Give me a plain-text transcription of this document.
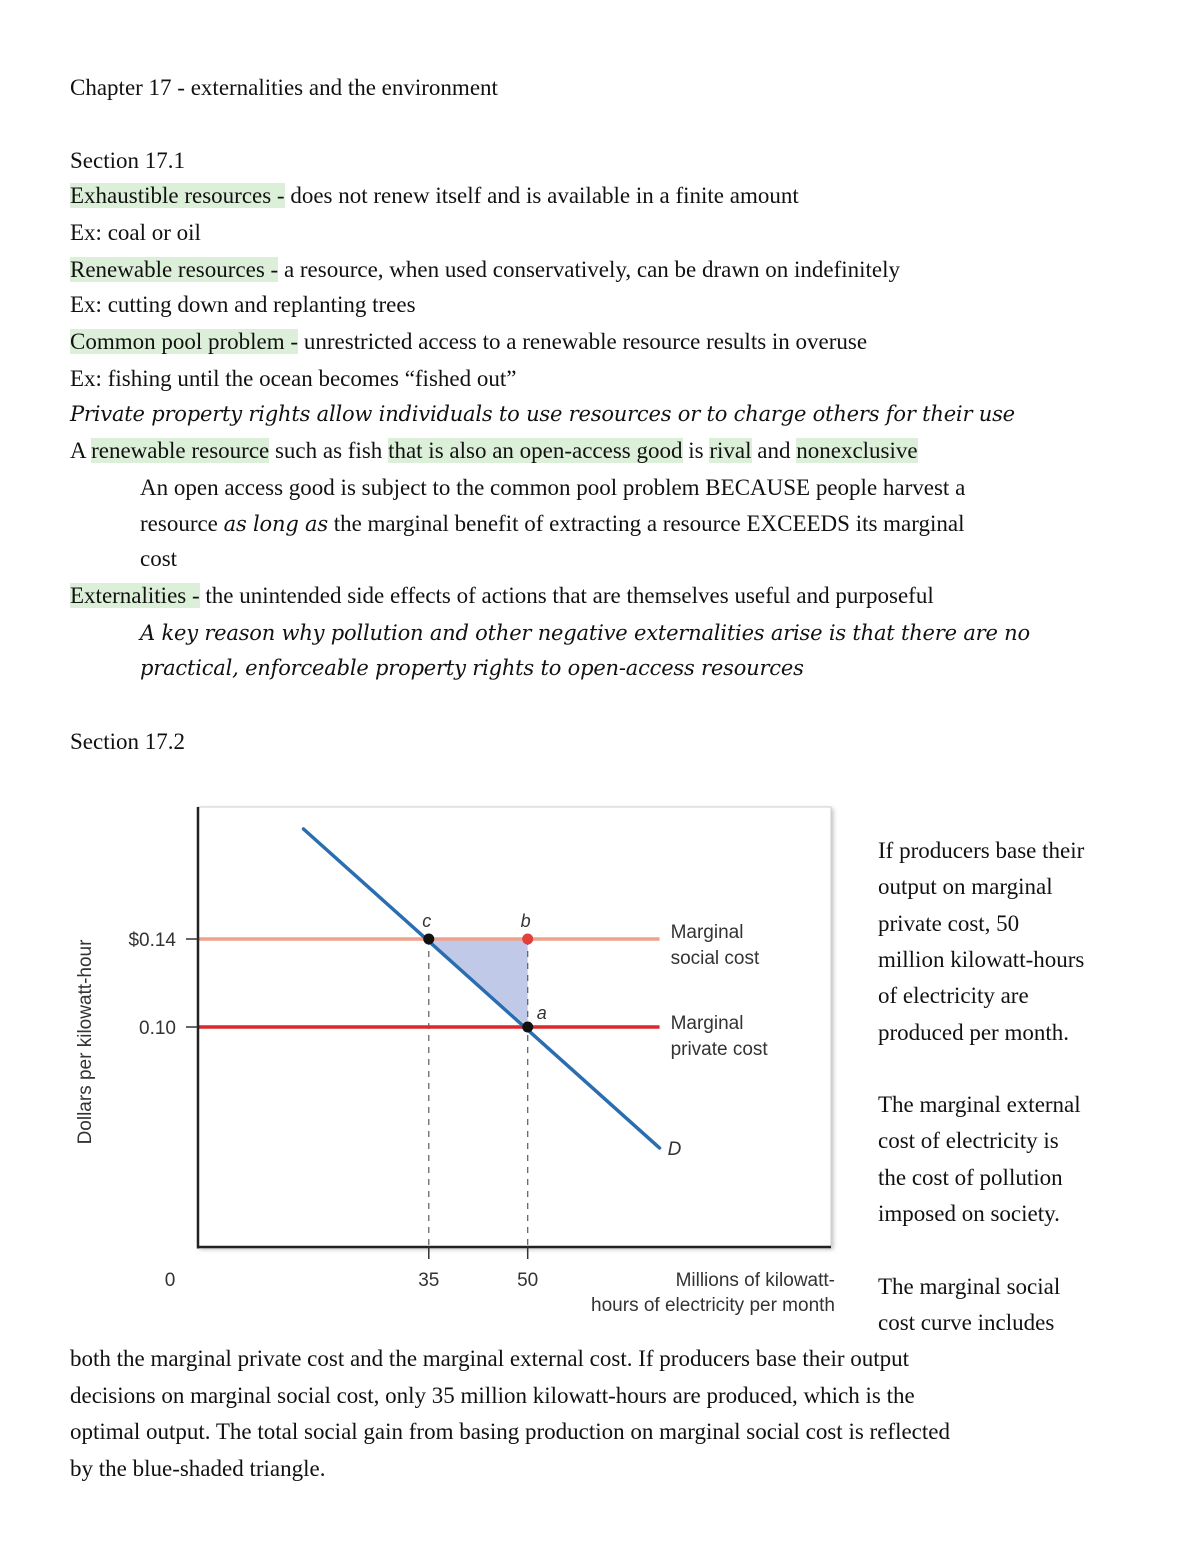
Chapter 17 - externalities and the environment
Section 17.1
Exhaustible resources - does not renew itself and is available in a finite amount
Ex: coal or oil
Renewable resources - a resource, when used conservatively, can be drawn on indefinitely
Ex: cutting down and replanting trees
Common pool problem - unrestricted access to a renewable resource results in overuse
Ex: fishing until the ocean becomes “fished out”
Private property rights allow individuals to use resources or to charge others for their use
A renewable resource such as fish that is also an open-access good is rival and nonexclusive
An open access good is subject to the common pool problem BECAUSE people harvest a
resource as long as the marginal benefit of extracting a resource EXCEEDS its marginal
cost
Externalities - the unintended side effects of actions that are themselves useful and purposeful
A key reason why pollution and other negative externalities arise is that there are no
practical, enforceable property rights to open-access resources
Section 17.2
$0.14
0.10
35	50
0	Millions of kilowatt-
hours of electricity per month
Dollars per kilowatt-hour
Marginal
social cost
Marginal
private cost
D
c	b
a
If producers base their
output on marginal
private cost, 50
million kilowatt-hours
of electricity are
produced per month.
The marginal external
cost of electricity is
the cost of pollution
imposed on society.
The marginal social
cost curve includes
both the marginal private cost and the marginal external cost. If producers base their output
decisions on marginal social cost, only 35 million kilowatt-hours are produced, which is the
optimal output. The total social gain from basing production on marginal social cost is reflected
by the blue-shaded triangle.
